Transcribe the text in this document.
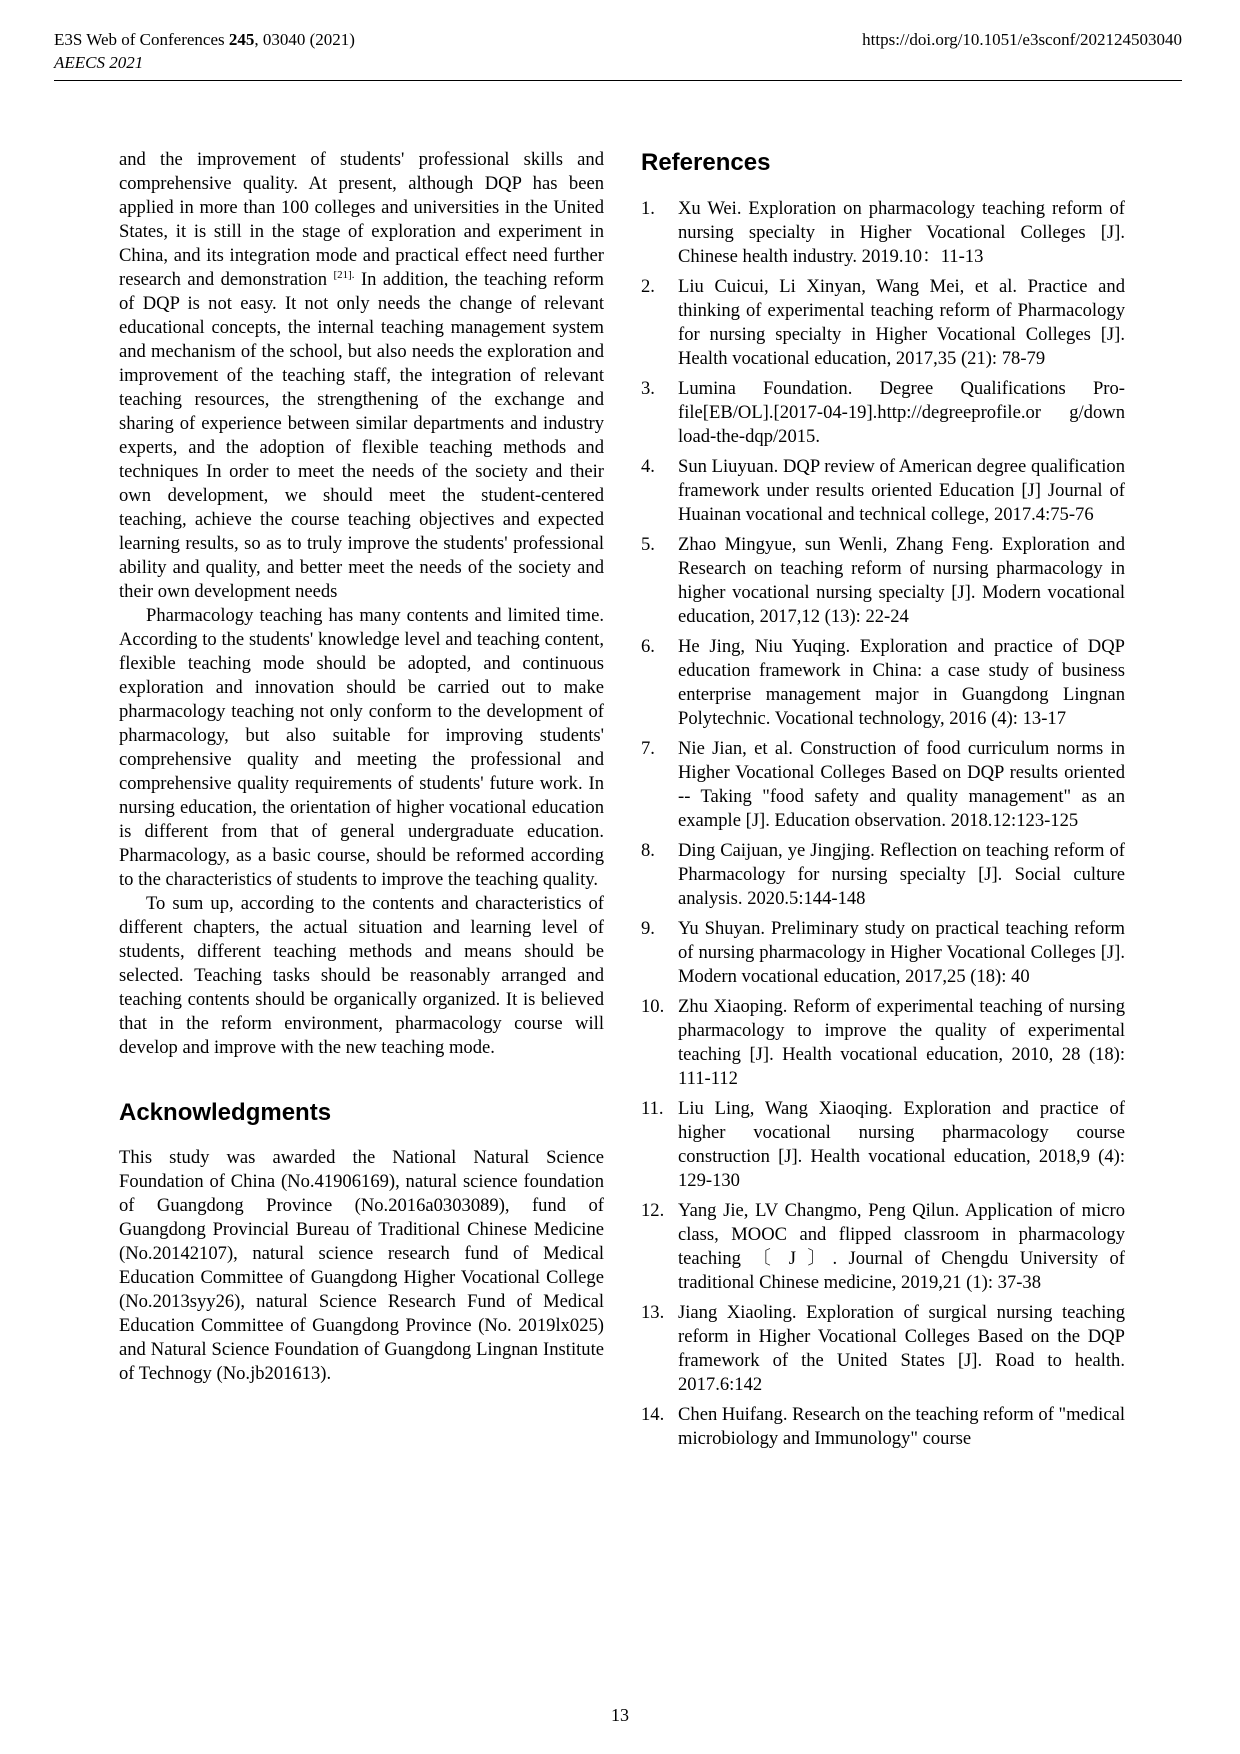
E3S Web of Conferences 245, 03040 (2021)
AEECS 2021
https://doi.org/10.1051/e3sconf/202124503040

and the improvement of students' professional skills and comprehensive quality. At present, although DQP has been applied in more than 100 colleges and universities in the United States, it is still in the stage of exploration and experiment in China, and its integration mode and practical effect need further research and demonstration $^{[21].}$ In addition, the teaching reform of DQP is not easy. It not only needs the change of relevant educational concepts, the internal teaching management system and mechanism of the school, but also needs the exploration and improvement of the teaching staff, the integration of relevant teaching resources, the strengthening of the exchange and sharing of experience between similar departments and industry experts, and the adoption of flexible teaching methods and techniques In order to meet the needs of the society and their own development, we should meet the student-centered teaching, achieve the course teaching objectives and expected learning results, so as to truly improve the students' professional ability and quality, and better meet the needs of the society and their own development needs

Pharmacology teaching has many contents and limited time. According to the students' knowledge level and teaching content, flexible teaching mode should be adopted, and continuous exploration and innovation should be carried out to make pharmacology teaching not only conform to the development of pharmacology, but also suitable for improving students' comprehensive quality and meeting the professional and comprehensive quality requirements of students' future work. In nursing education, the orientation of higher vocational education is different from that of general undergraduate education. Pharmacology, as a basic course, should be reformed according to the characteristics of students to improve the teaching quality.

To sum up, according to the contents and characteristics of different chapters, the actual situation and learning level of students, different teaching methods and means should be selected. Teaching tasks should be reasonably arranged and teaching contents should be organically organized. It is believed that in the reform environment, pharmacology course will develop and improve with the new teaching mode.

Acknowledgments

This study was awarded the National Natural Science Foundation of China (No.41906169), natural science foundation of Guangdong Province (No.2016a0303089), fund of Guangdong Provincial Bureau of Traditional Chinese Medicine (No.20142107), natural science research fund of Medical Education Committee of Guangdong Higher Vocational College (No.2013syy26), natural Science Research Fund of Medical Education Committee of Guangdong Province (No. 2019lx025) and Natural Science Foundation of Guangdong Lingnan Institute of Technogy (No.jb201613).

References
1. Xu Wei. Exploration on pharmacology teaching reform of nursing specialty in Higher Vocational Colleges [J]. Chinese health industry. 2019.10：11-13
2. Liu Cuicui, Li Xinyan, Wang Mei, et al. Practice and thinking of experimental teaching reform of Pharmacology for nursing specialty in Higher Vocational Colleges [J]. Health vocational education, 2017,35 (21): 78-79
3. Lumina Foundation. Degree Qualifications Pro-file[EB/OL].[2017-04-19].http://degreeprofile.or g/down load-the-dqp/2015.
4. Sun Liuyuan. DQP review of American degree qualification framework under results oriented Education [J] Journal of Huainan vocational and technical college, 2017.4:75-76
5. Zhao Mingyue, sun Wenli, Zhang Feng. Exploration and Research on teaching reform of nursing pharmacology in higher vocational nursing specialty [J]. Modern vocational education, 2017,12 (13): 22-24
6. He Jing, Niu Yuqing. Exploration and practice of DQP education framework in China: a case study of business enterprise management major in Guangdong Lingnan Polytechnic. Vocational technology, 2016 (4): 13-17
7. Nie Jian, et al. Construction of food curriculum norms in Higher Vocational Colleges Based on DQP results oriented -- Taking "food safety and quality management" as an example [J]. Education observation. 2018.12:123-125
8. Ding Caijuan, ye Jingjing. Reflection on teaching reform of Pharmacology for nursing specialty [J]. Social culture analysis. 2020.5:144-148
9. Yu Shuyan. Preliminary study on practical teaching reform of nursing pharmacology in Higher Vocational Colleges [J]. Modern vocational education, 2017,25 (18): 40
10. Zhu Xiaoping. Reform of experimental teaching of nursing pharmacology to improve the quality of experimental teaching [J]. Health vocational education, 2010, 28 (18): 111-112
11. Liu Ling, Wang Xiaoqing. Exploration and practice of higher vocational nursing pharmacology course construction [J]. Health vocational education, 2018,9 (4): 129-130
12. Yang Jie, LV Changmo, Peng Qilun. Application of micro class, MOOC and flipped classroom in pharmacology teaching 〔 J 〕. Journal of Chengdu University of traditional Chinese medicine, 2019,21 (1): 37-38
13. Jiang Xiaoling. Exploration of surgical nursing teaching reform in Higher Vocational Colleges Based on the DQP framework of the United States [J]. Road to health. 2017.6:142
14. Chen Huifang. Research on the teaching reform of "medical microbiology and Immunology" course
13
